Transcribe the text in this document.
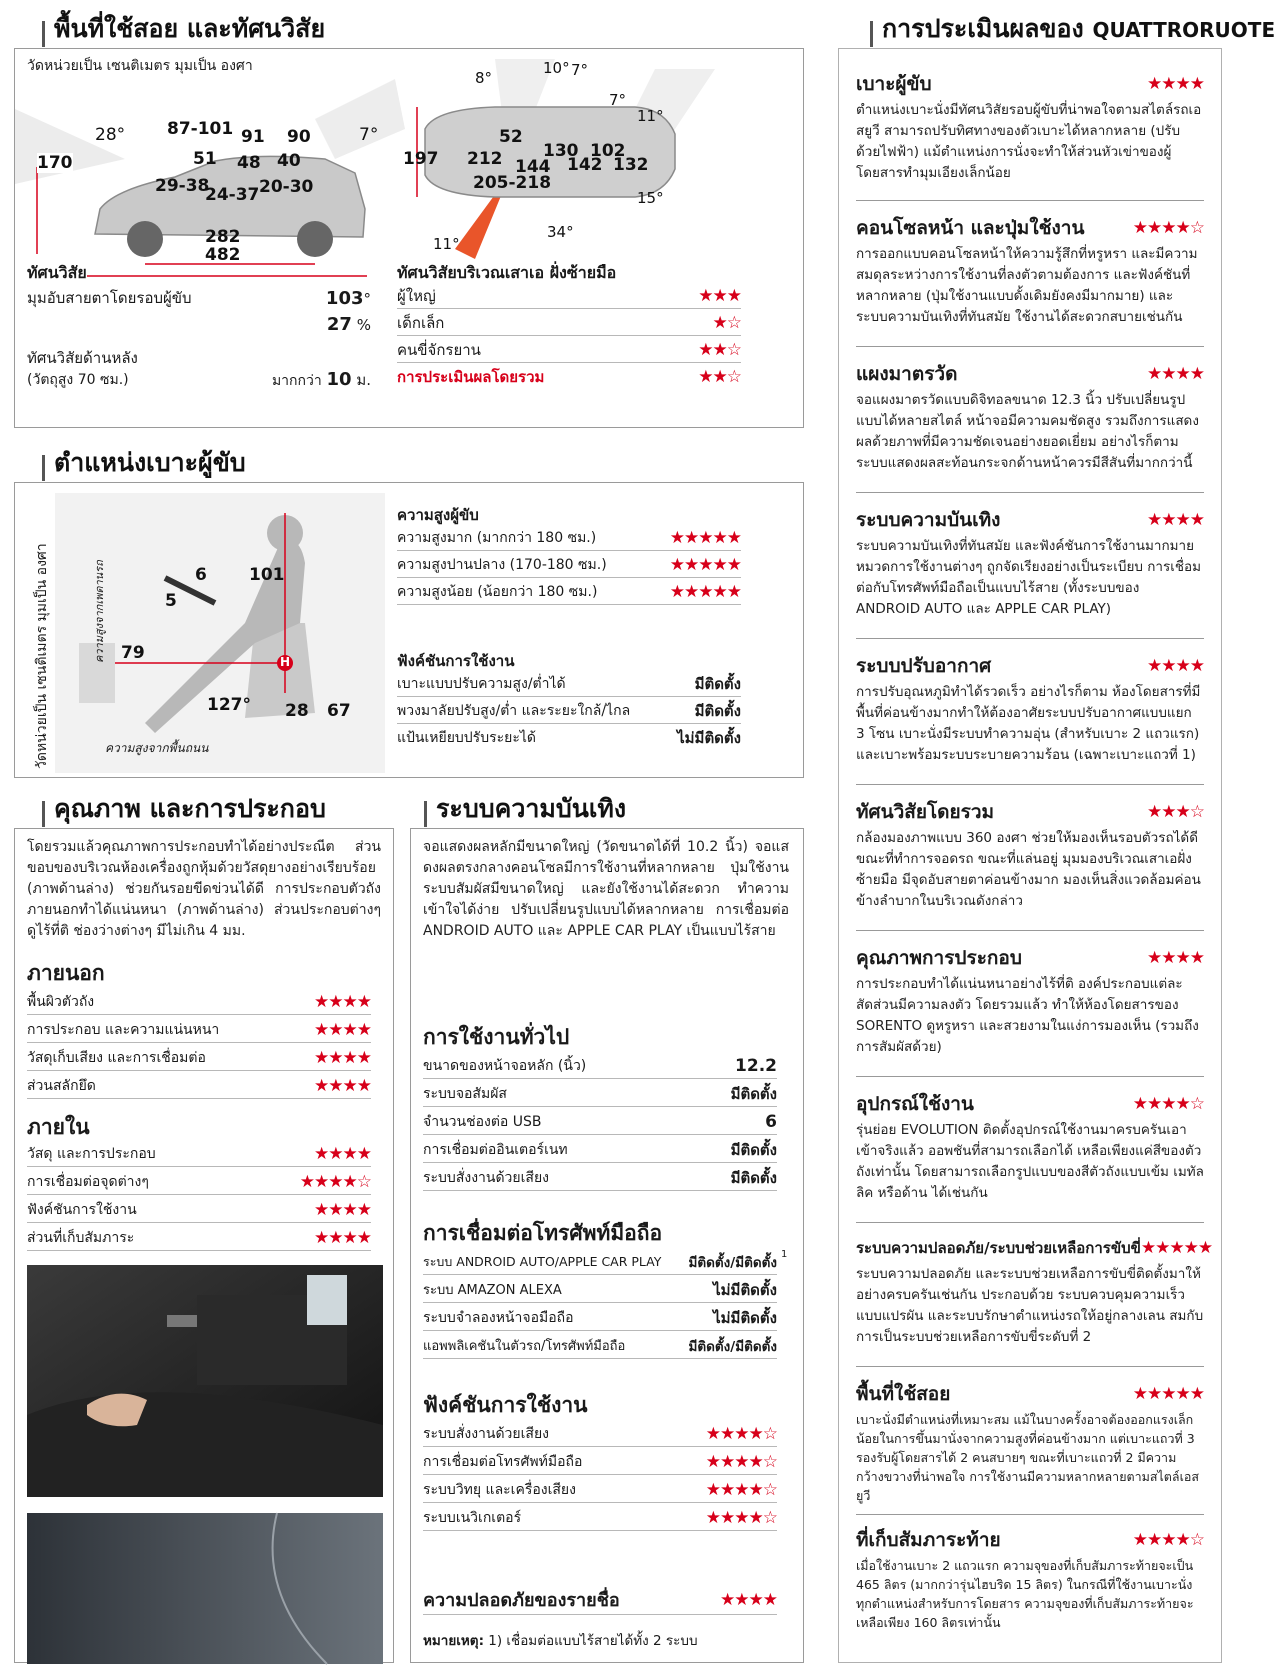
พื้นที่ใช้สอย และทัศนวิสัย
วัดหน่วยเป็น เซนติเมตร มุมเป็น องศา
28° 87-101 91 90	7°
170	51 48 40
29-38
24-37 20-30
282
482
8°
10° 7°
7°
11°
15°
34°
11°
197 212
52
130 102
144 142 132
205-218
ทัศนวิสัย
มุมอับสายตาโดยรอบผู้ขับ	103°
27 %
ทัศนวิสัยด้านหลัง
(วัตถุสูง 70 ซม.)	มากกว่า 10 ม.
ทัศนวิสัยบริเวณเสาเอ ฝั่งซ้ายมือ
ผู้ใหญ่	★★★
เด็กเล็ก	★☆
คนขี่จักรยาน	★★☆
การประเมินผลโดยรวม	★★☆
ตำแหน่งเบาะผู้ขับ
วัดหน่วยเป็น เซนติเมตร มุมเป็น องศา	ความสูงจากเพดานรถ
ความสูงจากพื้นถนน
6 101
5
79	H
127° 28 67
ความสูงผู้ขับ
ความสูงมาก (มากกว่า 180 ซม.)	★★★★★
ความสูงปานปลาง (170-180 ซม.)	★★★★★
ความสูงน้อย (น้อยกว่า 180 ซม.)	★★★★★
ฟังค์ชันการใช้งาน
เบาะแบบปรับความสูง/ต่ำได้	มีติดตั้ง
พวงมาลัยปรับสูง/ต่ำ และระยะใกล้/ไกล	มีติดตั้ง
แป้นเหยียบปรับระยะได้	ไม่มีติดตั้ง
คุณภาพ และการประกอบ
โดยรวมแล้วคุณภาพการประกอบทำได้อย่างประณีต ส่วนขอบของบริเวณห้องเครื่องถูกหุ้มด้วยวัสดุยางอย่างเรียบร้อย (ภาพด้านล่าง) ช่วยกันรอยขีดข่วนได้ดี การประกอบตัวถังภายนอกทำได้แน่นหนา (ภาพด้านล่าง) ส่วนประกอบต่างๆ ดูไร้ที่ติ ช่องว่างต่างๆ มีไม่เกิน 4 มม.
ภายนอก
พื้นผิวตัวถัง	★★★★
การประกอบ และความแน่นหนา	★★★★
วัสดุเก็บเสียง และการเชื่อมต่อ	★★★★
ส่วนสลักยึด	★★★★
ภายใน
วัสดุ และการประกอบ	★★★★
การเชื่อมต่อจุดต่างๆ	★★★★☆
ฟังค์ชันการใช้งาน	★★★★
ส่วนที่เก็บสัมภาระ	★★★★
ระบบความบันเทิง
จอแสดงผลหลักมีขนาดใหญ่ (วัดขนาดได้ที่ 10.2 นิ้ว) จอแสดงผลตรงกลางคอนโซลมีการใช้งานที่หลากหลาย ปุ่มใช้งานระบบสัมผัสมีขนาดใหญ่ และยังใช้งานได้สะดวก ทำความเข้าใจได้ง่าย ปรับเปลี่ยนรูปแบบได้หลากหลาย การเชื่อมต่อ ANDROID AUTO และ APPLE CAR PLAY เป็นแบบไร้สาย
การใช้งานทั่วไป
ขนาดของหน้าจอหลัก (นิ้ว)	12.2
ระบบจอสัมผัส	มีติดตั้ง
จำนวนช่องต่อ USB	6
การเชื่อมต่ออินเตอร์เนท	มีติดตั้ง
ระบบสั่งงานด้วยเสียง	มีติดตั้ง
การเชื่อมต่อโทรศัพท์มือถือ
ระบบ ANDROID AUTO/APPLE CAR PLAY มีติดตั้ง/มีติดตั้ง 1
ระบบ AMAZON ALEXA	ไม่มีติดตั้ง
ระบบจำลองหน้าจอมือถือ	ไม่มีติดตั้ง
แอพพลิเคชันในตัวรถ/โทรศัพท์มือถือ	มีติดตั้ง/มีติดตั้ง
ฟังค์ชันการใช้งาน
ระบบสั่งงานด้วยเสียง	★★★★☆
การเชื่อมต่อโทรศัพท์มือถือ	★★★★☆
ระบบวิทยุ และเครื่องเสียง	★★★★☆
ระบบเนวิเกเตอร์	★★★★☆
ความปลอดภัยของรายชื่อ	★★★★
หมายเหตุ: 1) เชื่อมต่อแบบไร้สายได้ทั้ง 2 ระบบ
การประเมินผลของ QUATTRORUOTE
เบาะผู้ขับ	★★★★
ตำแหน่งเบาะนั่งมีทัศนวิสัยรอบผู้ขับที่น่าพอใจตามสไตล์รถเอสยูวี สามารถปรับทิศทางของตัวเบาะได้หลากหลาย (ปรับด้วยไฟฟ้า) แม้ตำแหน่งการนั่งจะทำให้ส่วนหัวเข่าของผู้โดยสารทำมุมเอียงเล็กน้อย
คอนโซลหน้า และปุ่มใช้งาน	★★★★☆
การออกแบบคอนโซลหน้าให้ความรู้สึกที่หรูหรา และมีความสมดุลระหว่างการใช้งานที่ลงตัวตามต้องการ และฟังค์ชันที่หลากหลาย (ปุ่มใช้งานแบบดั้งเดิมยังคงมีมากมาย) และระบบความบันเทิงที่ทันสมัย ใช้งานได้สะดวกสบายเช่นกัน
แผงมาตรวัด	★★★★
จอแผงมาตรวัดแบบดิจิทอลขนาด 12.3 นิ้ว ปรับเปลี่ยนรูปแบบได้หลายสไตล์ หน้าจอมีความคมชัดสูง รวมถึงการแสดงผลด้วยภาพที่มีความชัดเจนอย่างยอดเยี่ยม อย่างไรก็ตามระบบแสดงผลสะท้อนกระจกด้านหน้าควรมีสีสันที่มากกว่านี้
ระบบความบันเทิง	★★★★
ระบบความบันเทิงที่ทันสมัย และฟังค์ชันการใช้งานมากมาย หมวดการใช้งานต่างๆ ถูกจัดเรียงอย่างเป็นระเบียบ การเชื่อมต่อกับโทรศัพท์มือถือเป็นแบบไร้สาย (ทั้งระบบของ ANDROID AUTO และ APPLE CAR PLAY)
ระบบปรับอากาศ	★★★★
การปรับอุณหภูมิทำได้รวดเร็ว อย่างไรก็ตาม ห้องโดยสารที่มีพื้นที่ค่อนข้างมากทำให้ต้องอาศัยระบบปรับอากาศแบบแยก 3 โซน เบาะนั่งมีระบบทำความอุ่น (สำหรับเบาะ 2 แถวแรก) และเบาะพร้อมระบบระบายความร้อน (เฉพาะเบาะแถวที่ 1)
ทัศนวิสัยโดยรวม	★★★☆
กล้องมองภาพแบบ 360 องศา ช่วยให้มองเห็นรอบตัวรถได้ดีขณะที่ทำการจอดรถ ขณะที่แล่นอยู่ มุมมองบริเวณเสาเอฝั่งซ้ายมือ มีจุดอับสายตาค่อนข้างมาก มองเห็นสิ่งแวดล้อมค่อนข้างลำบากในบริเวณดังกล่าว
คุณภาพการประกอบ	★★★★
การประกอบทำได้แน่นหนาอย่างไร้ที่ติ องค์ประกอบแต่ละสัดส่วนมีความลงตัว โดยรวมแล้ว ทำให้ห้องโดยสารของ SORENTO ดูหรูหรา และสวยงามในแง่การมองเห็น (รวมถึงการสัมผัสด้วย)
อุปกรณ์ใช้งาน	★★★★☆
รุ่นย่อย EVOLUTION ติดตั้งอุปกรณ์ใช้งานมาครบครันเอาเข้าจริงแล้ว ออพชันที่สามารถเลือกได้ เหลือเพียงแค่สีของตัวถังเท่านั้น โดยสามารถเลือกรูปแบบของสีตัวถังแบบเข้ม เมทัลลิค หรือด้าน ได้เช่นกัน
ระบบความปลอดภัย/ระบบช่วยเหลือการขับขี่ ★★★★★
ระบบความปลอดภัย และระบบช่วยเหลือการขับขี่ติดตั้งมาให้อย่างครบครันเช่นกัน ประกอบด้วย ระบบควบคุมความเร็วแบบแปรผัน และระบบรักษาตำแหน่งรถให้อยู่กลางเลน สมกับการเป็นระบบช่วยเหลือการขับขี่ระดับที่ 2
พื้นที่ใช้สอย	★★★★★
เบาะนั่งมีตำแหน่งที่เหมาะสม แม้ในบางครั้งอาจต้องออกแรงเล็กน้อยในการขึ้นมานั่งจากความสูงที่ค่อนข้างมาก แต่เบาะแถวที่ 3 รองรับผู้โดยสารได้ 2 คนสบายๆ ขณะที่เบาะแถวที่ 2 มีความกว้างขวางที่น่าพอใจ การใช้งานมีความหลากหลายตามสไตล์เอสยูวี
ที่เก็บสัมภาระท้าย	★★★★☆
เมื่อใช้งานเบาะ 2 แถวแรก ความจุของที่เก็บสัมภาระท้ายจะเป็น 465 ลิตร (มากกว่ารุ่นไฮบริด 15 ลิตร) ในกรณีที่ใช้งานเบาะนั่งทุกตำแหน่งสำหรับการโดยสาร ความจุของที่เก็บสัมภาระท้ายจะเหลือเพียง 160 ลิตรเท่านั้น
